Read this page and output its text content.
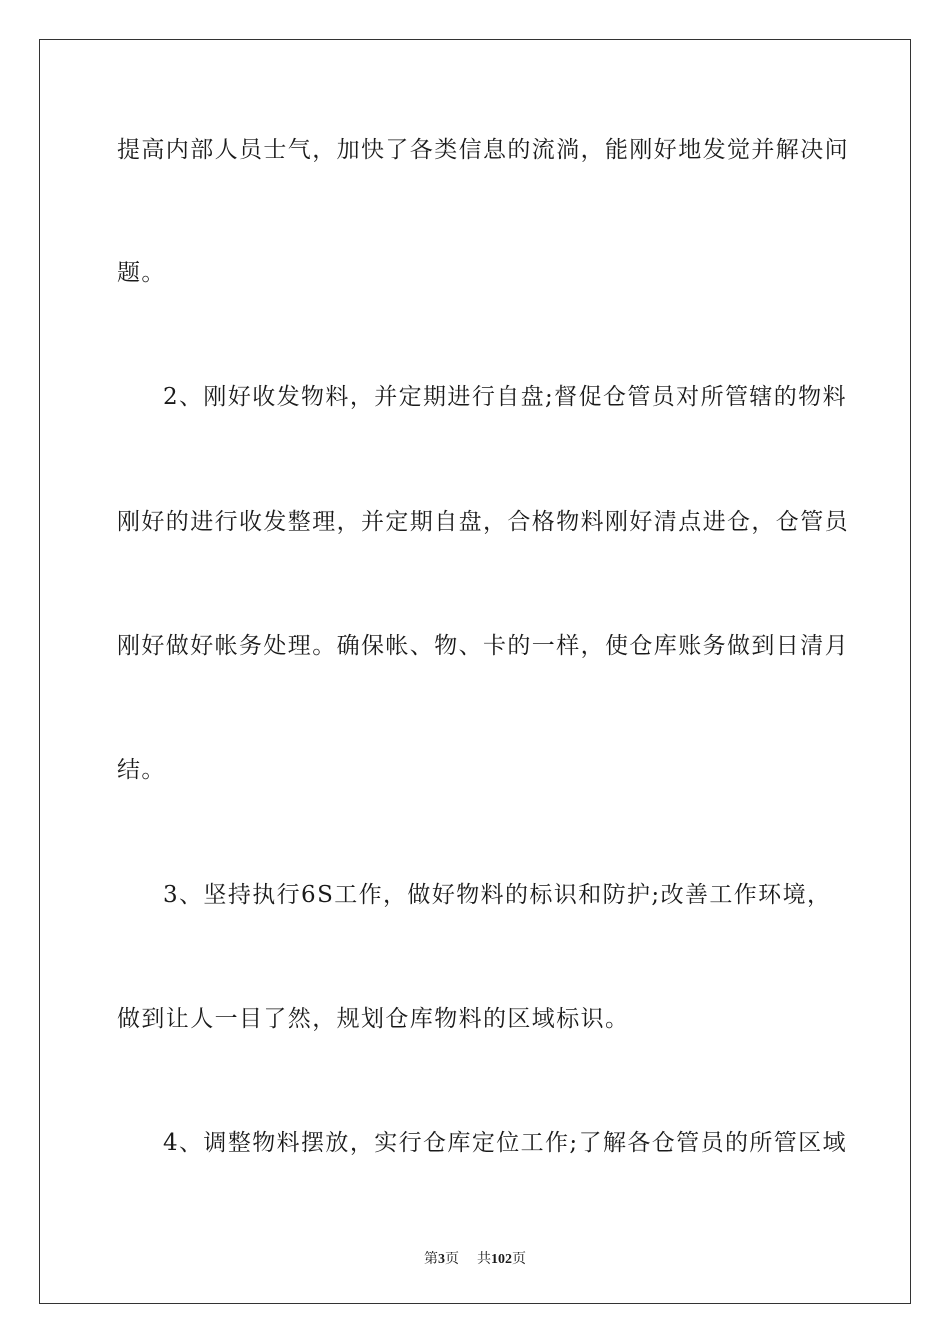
提高内部人员士气，加快了各类信息的流淌，能刚好地发觉并解决问
题。
2、刚好收发物料，并定期进行自盘;督促仓管员对所管辖的物料
刚好的进行收发整理，并定期自盘，合格物料刚好清点进仓，仓管员
刚好做好帐务处理。确保帐、物、卡的一样，使仓库账务做到日清月
结。
3、坚持执行6S工作，做好物料的标识和防护;改善工作环境，
做到让人一目了然，规划仓库物料的区域标识。
4、调整物料摆放，实行仓库定位工作;了解各仓管员的所管区域
第3页 共102页
